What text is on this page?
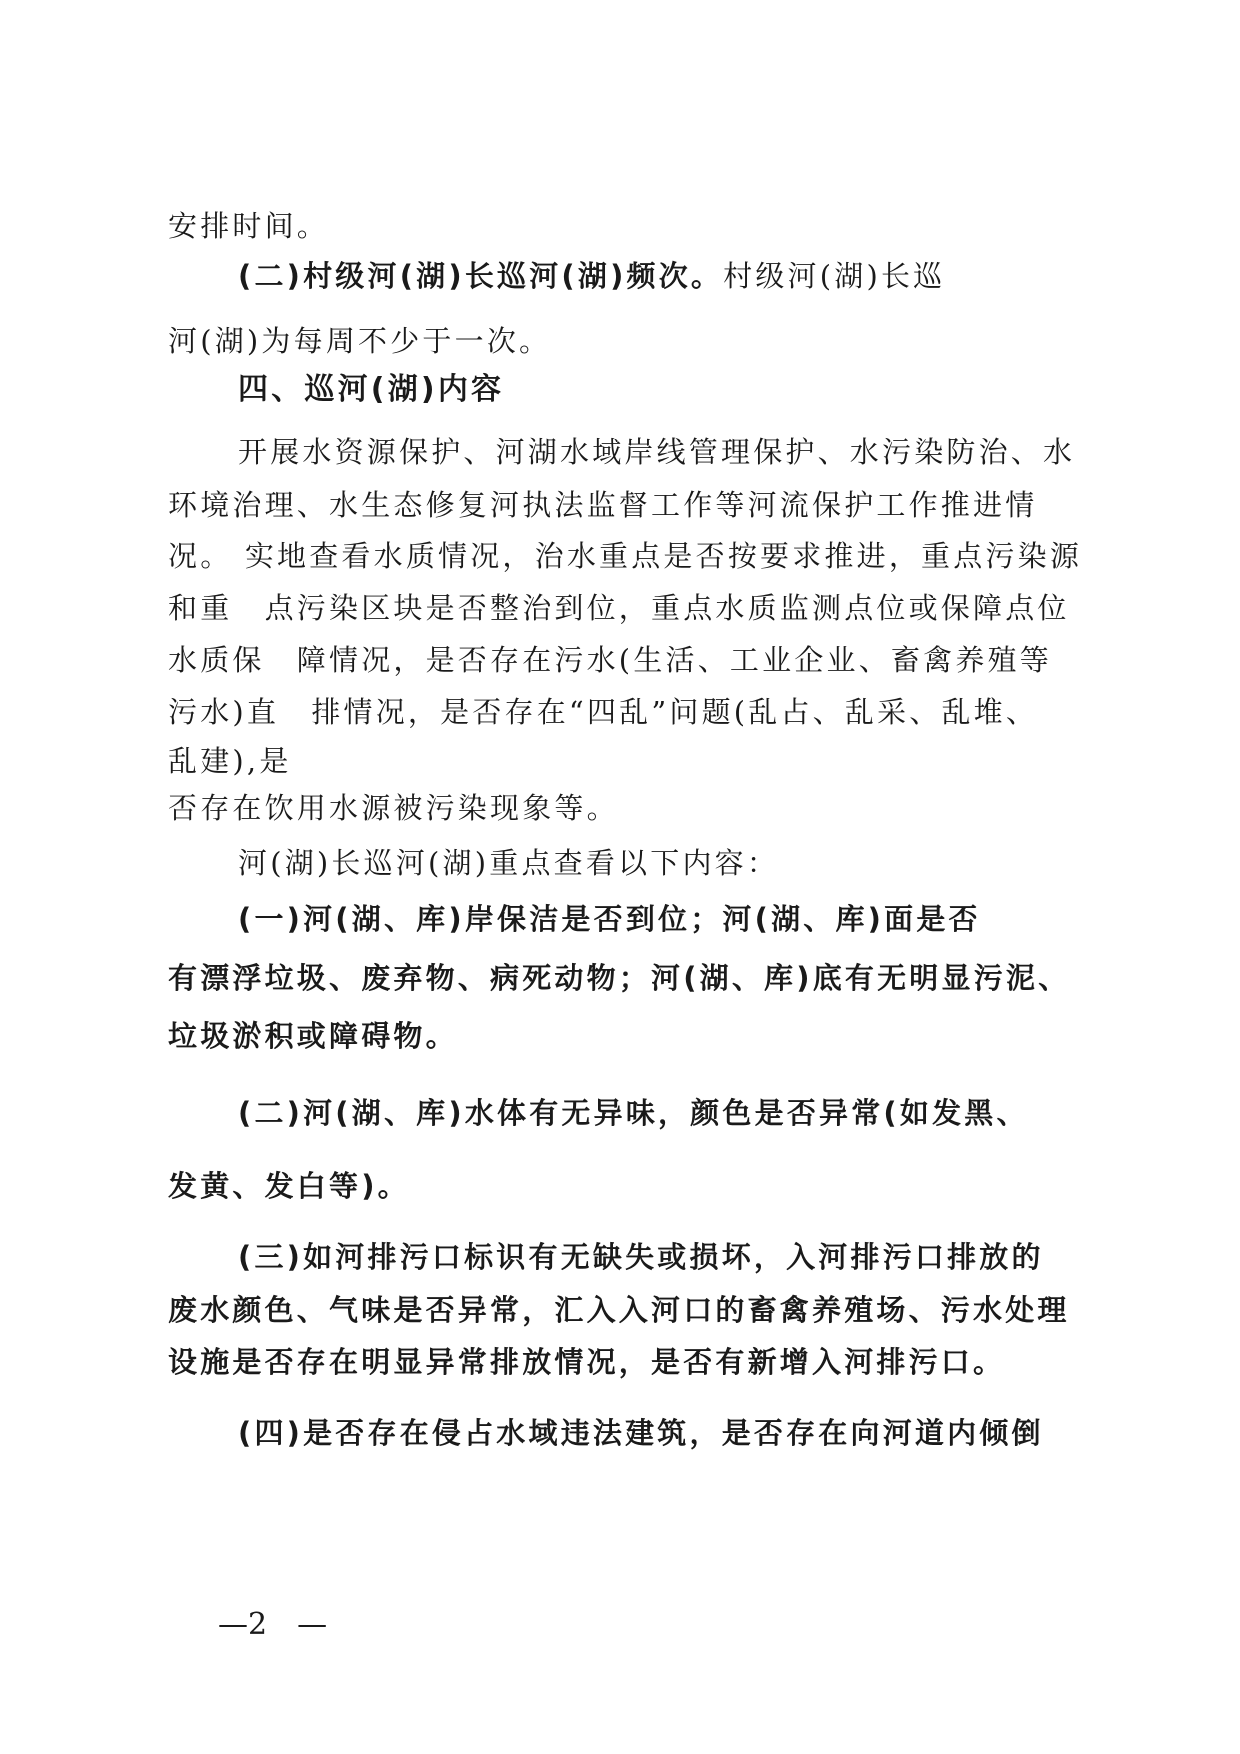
安排时间。
(二)村级河(湖)长巡河(湖)频次。村级河(湖)长巡
河(湖)为每周不少于一次。
四、巡河(湖)内容
开展水资源保护、河湖水域岸线管理保护、水污染防治、水
环境治理、水生态修复河执法监督工作等河流保护工作推进情
况。 实地查看水质情况，治水重点是否按要求推进，重点污染源
和重　点污染区块是否整治到位，重点水质监测点位或保障点位
水质保　障情况，是否存在污水(生活、工业企业、畜禽养殖等
污水)直　排情况，是否存在“四乱”问题(乱占、乱采、乱堆、
乱建),是
否存在饮用水源被污染现象等。
河(湖)长巡河(湖)重点查看以下内容：
(一)河(湖、库)岸保洁是否到位；河(湖、库)面是否
有漂浮垃圾、废弃物、病死动物；河(湖、库)底有无明显污泥、
垃圾淤积或障碍物。
(二)河(湖、库)水体有无异味，颜色是否异常(如发黑、
发黄、发白等)。
(三)如河排污口标识有无缺失或损坏，入河排污口排放的
废水颜色、气味是否异常，汇入入河口的畜禽养殖场、污水处理
设施是否存在明显异常排放情况，是否有新增入河排污口。
(四)是否存在侵占水域违法建筑，是否存在向河道内倾倒
—2　—
